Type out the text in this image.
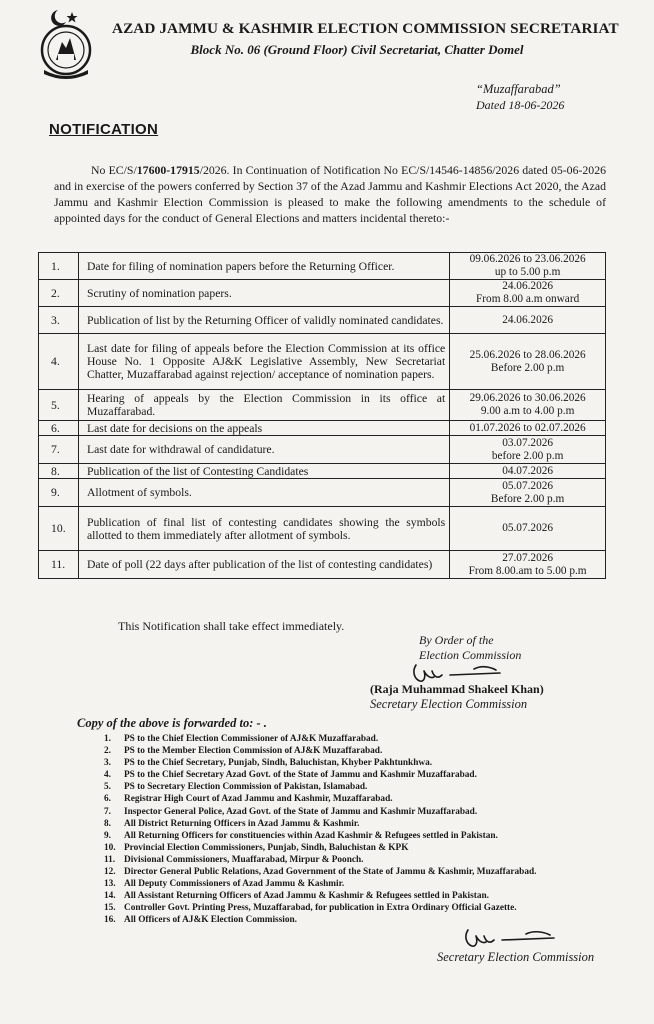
AZAD JAMMU & KASHMIR ELECTION COMMISSION SECRETARIAT
Block No. 06 (Ground Floor) Civil Secretariat, Chatter Domel
“Muzaffarabad”
Dated 18-06-2026
NOTIFICATION

No EC/S/17600-17915/2026. In Continuation of Notification No EC/S/14546-14856/2026 dated 05-06-2026 and in exercise of the powers conferred by Section 37 of the Azad Jammu and Kashmir Elections Act 2020, the Azad Jammu and Kashmir Election Commission is pleased to make the following amendments to the schedule of appointed days for the conduct of General Elections and matters incidental thereto:-

1.	Date for filing of nomination papers before the Returning Officer.	09.06.2026 to 23.06.2026
up to 5.00 p.m
2.	Scrutiny of nomination papers.	24.06.2026
From 8.00 a.m onward
3.	Publication of list by the Returning Officer of validly nominated candidates.	24.06.2026
4.	Last date for filing of appeals before the Election Commission at its office House No. 1 Opposite AJ&K Legislative Assembly, New Secretariat Chatter, Muzaffarabad against rejection/ acceptance of nomination papers.	25.06.2026 to 28.06.2026
Before 2.00 p.m
5.	Hearing of appeals by the Election Commission in its office at Muzaffarabad.	29.06.2026 to 30.06.2026
9.00 a.m to 4.00 p.m
6.	Last date for decisions on the appeals	01.07.2026 to 02.07.2026
7.	Last date for withdrawal of candidature.	03.07.2026
before 2.00 p.m
8.	Publication of the list of Contesting Candidates	04.07.2026
9.	Allotment of symbols.	05.07.2026
Before 2.00 p.m
10.	Publication of final list of contesting candidates showing the symbols allotted to them immediately after allotment of symbols.	05.07.2026
11.	Date of poll (22 days after publication of the list of contesting candidates)	27.07.2026
From 8.00.am to 5.00 p.m
This Notification shall take effect immediately.
By Order of the
Election Commission
(Raja Muhammad Shakeel Khan)
Secretary Election Commission
Copy of the above is forwarded to: - .
1. PS to the Chief Election Commissioner of AJ&K Muzaffarabad.
2. PS to the Member Election Commission of AJ&K Muzaffarabad.
3. PS to the Chief Secretary, Punjab, Sindh, Baluchistan, Khyber Pakhtunkhwa.
4. PS to the Chief Secretary Azad Govt. of the State of Jammu and Kashmir Muzaffarabad.
5. PS to Secretary Election Commission of Pakistan, Islamabad.
6. Registrar High Court of Azad Jammu and Kashmir, Muzaffarabad.
7. Inspector General Police, Azad Govt. of the State of Jammu and Kashmir Muzaffarabad.
8. All District Returning Officers in Azad Jammu & Kashmir.
9. All Returning Officers for constituencies within Azad Kashmir & Refugees settled in Pakistan.
10. Provincial Election Commissioners, Punjab, Sindh, Baluchistan & KPK
11. Divisional Commissioners, Muaffarabad, Mirpur & Poonch.
12. Director General Public Relations, Azad Government of the State of Jammu & Kashmir, Muzaffarabad.
13. All Deputy Commissioners of Azad Jammu & Kashmir.
14. All Assistant Returning Officers of Azad Jammu & Kashmir & Refugees settled in Pakistan.
15. Controller Govt. Printing Press, Muzaffarabad, for publication in Extra Ordinary Official Gazette.
16. All Officers of AJ&K Election Commission.
Secretary Election Commission
